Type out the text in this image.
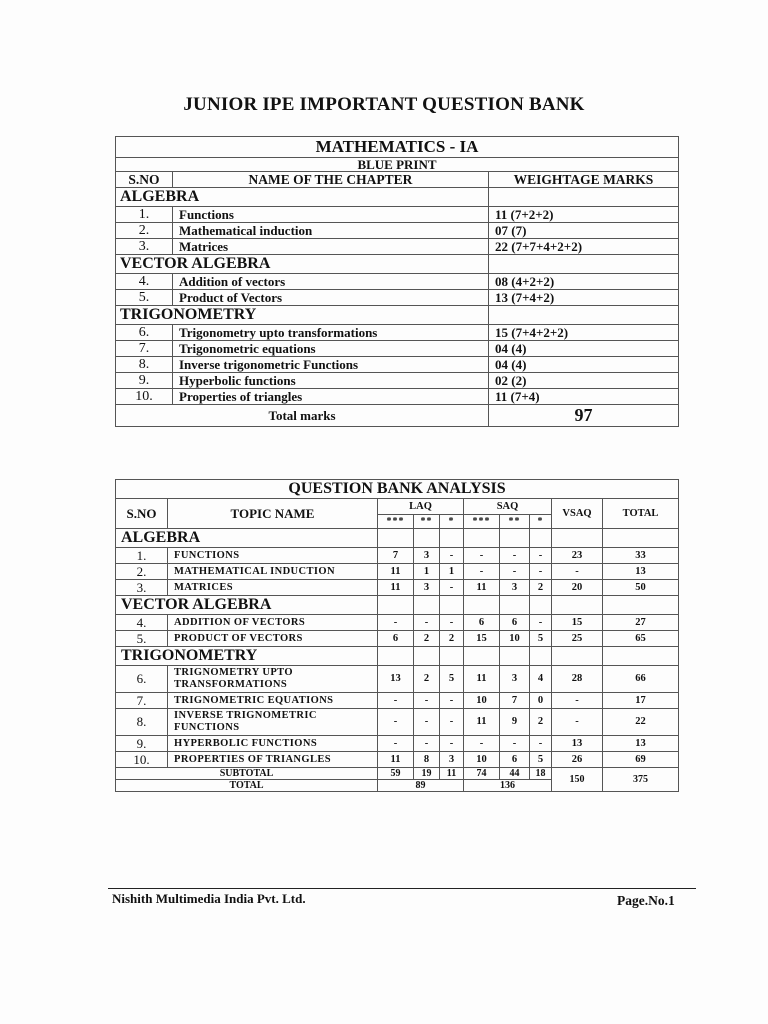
JUNIOR IPE IMPORTANT QUESTION BANK
MATHEMATICS - IA		
BLUE PRINT		
S.NO	NAME OF THE CHAPTER	WEIGHTAGE MARKS
ALGEBRA		
1.	Functions	11 (7+2+2)
2.	Mathematical induction	07 (7)
3.	Matrices	22 (7+7+4+2+2)
VECTOR ALGEBRA		
4.	Addition of vectors	08 (4+2+2)
5.	Product of Vectors	13 (7+4+2)
TRIGONOMETRY		
6.	Trigonometry upto transformations	15 (7+4+2+2)
7.	Trigonometric equations	04 (4)
8.	Inverse trigonometric Functions	04 (4)
9.	Hyperbolic functions	02 (2)
10.	Properties of triangles	11 (7+4)
Total marks		97
QUESTION BANK ANALYSIS									
S.NO	TOPIC NAME	LAQ			SAQ			VSAQ	TOTAL
		***	**	*	***	**	*		
ALGEBRA									
1.	FUNCTIONS	7	3	-	-	-	-	23	33
2.	MATHEMATICAL INDUCTION	11	1	1	-	-	-	-	13
3.	MATRICES	11	3	-	11	3	2	20	50
VECTOR ALGEBRA									
4.	ADDITION OF VECTORS	-	-	-	6	6	-	15	27
5.	PRODUCT OF VECTORS	6	2	2	15	10	5	25	65
TRIGONOMETRY									
6.	TRIGNOMETRY UPTO TRANSFORMATIONS	13	2	5	11	3	4	28	66
7.	TRIGNOMETRIC EQUATIONS	-	-	-	10	7	0	-	17
8.	INVERSE TRIGNOMETRIC FUNCTIONS	-	-	-	11	9	2	-	22
9.	HYPERBOLIC FUNCTIONS	-	-	-	-	-	-	13	13
10.	PROPERTIES OF TRIANGLES	11	8	3	10	6	5	26	69
SUBTOTAL		59	19	11	74	44	18	150	375
TOTAL		89			136				
Nishith Multimedia India Pvt. Ltd.	Page.No.1
